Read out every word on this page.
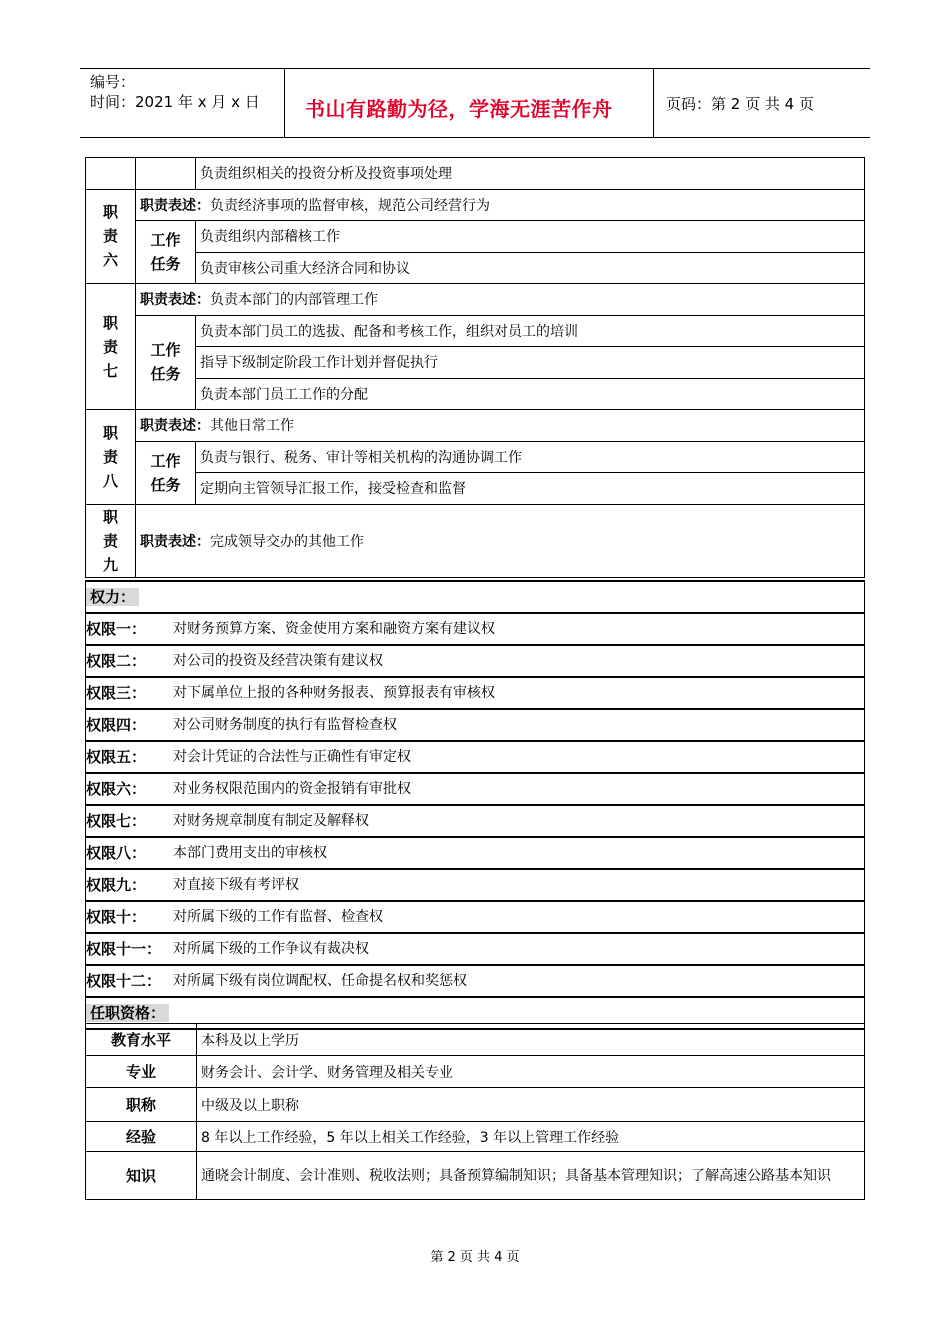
编号：
时间：2021 年 x 月 x 日 书山有路勤为径，学海无涯苦作舟	页码：第 2 页 共 4 页
		负责组织相关的投资分析及投资事项处理
职
责
六	职责表述：负责经济事项的监督审核，规范公司经营行为	
	工作
任务	负责组织内部稽核工作
		负责审核公司重大经济合同和协议
职
责
七	职责表述：负责本部门的内部管理工作	
	工作
任务	负责本部门员工的选拔、配备和考核工作，组织对员工的培训
		指导下级制定阶段工作计划并督促执行
		负责本部门员工工作的分配
职
责
八	职责表述：其他日常工作	
	工作
任务	负责与银行、税务、审计等相关机构的沟通协调工作
		定期向主管领导汇报工作，接受检查和监督
职
责
九	职责表述：完成领导交办的其他工作	
权力：
权限一： 对财务预算方案、资金使用方案和融资方案有建议权
权限二： 对公司的投资及经营决策有建议权
权限三： 对下属单位上报的各种财务报表、预算报表有审核权
权限四： 对公司财务制度的执行有监督检查权
权限五： 对会计凭证的合法性与正确性有审定权
权限六： 对业务权限范围内的资金报销有审批权
权限七： 对财务规章制度有制定及解释权
权限八： 本部门费用支出的审核权
权限九： 对直接下级有考评权
权限十： 对所属下级的工作有监督、检查权
权限十一： 对所属下级的工作争议有裁决权
权限十二： 对所属下级有岗位调配权、任命提名权和奖惩权
任职资格：
教育水平	本科及以上学历
专业	财务会计、会计学、财务管理及相关专业
职称	中级及以上职称
经验	8 年以上工作经验，5 年以上相关工作经验，3 年以上管理工作经验
知识	通晓会计制度、会计准则、税收法则；具备预算编制知识；具备基本管理知识；了解高速公路基本知识
第 2 页 共 4 页
